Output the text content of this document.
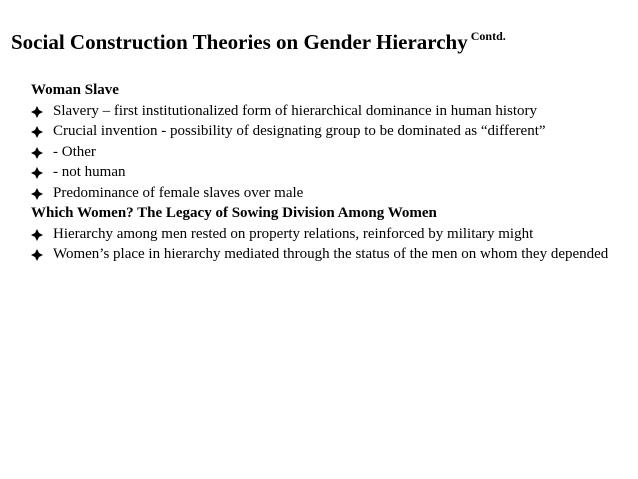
Social Construction Theories on Gender Hierarchy $^{Contd.}$
Woman Slave
Slavery – first institutionalized form of hierarchical dominance in human history
Crucial invention - possibility of designating group to be dominated as “different”
- Other
- not human
Predominance of female slaves over male
Which Women? The Legacy of Sowing Division Among Women
Hierarchy among men rested on property relations, reinforced by military might
Women’s place in hierarchy mediated through the status of the men on whom they depended
